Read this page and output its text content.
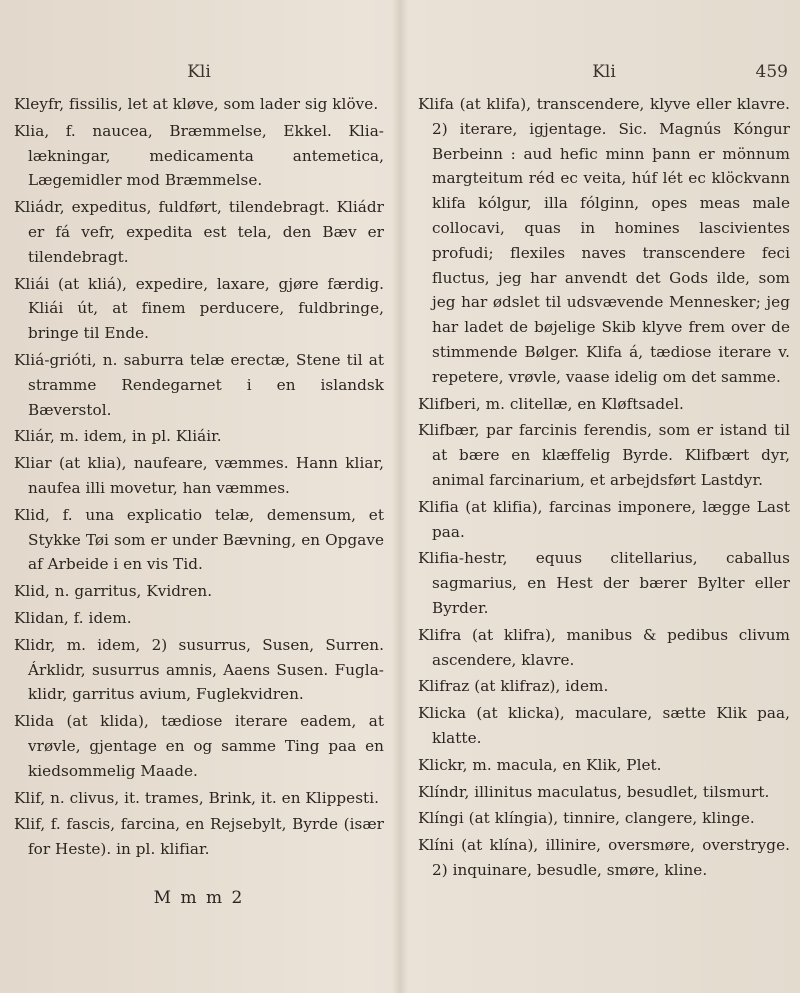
Kli

Kleyfr, fissilis, let at kløve, som lader sig klöve.

Klia, f. naucea, Bræmmelse, Ekkel. Klia-lækningar, medicamenta antemetica, Lægemidler mod Bræmmelse.

Kliádr, expeditus, fuldført, tilendebragt. Kliádr er fá vefr, expedita est tela, den Bæv er tilendebragt.

Kliái (at kliá), expedire, laxare, gjøre færdig. Kliái út, at finem perducere, fuldbringe, bringe til Ende.

Kliá-grióti, n. saburra telæ erectæ, Stene til at stramme Rendegarnet i en islandsk Bæverstol.

Kliár, m. idem, in pl. Kliáir.

Kliar (at klia), naufeare, væmmes. Hann kliar, naufea illi movetur, han væmmes.

Klid, f. una explicatio telæ, demensum, et Stykke Tøi som er under Bævning, en Opgave af Arbeide i en vis Tid.

Klid, n. garritus, Kvidren.

Klidan, f. idem.

Klidr, m. idem, 2) susurrus, Susen, Surren. Árklidr, susurrus amnis, Aaens Susen. Fugla-klidr, garritus avium, Fuglekvidren.

Klida (at klida), tædiose iterare eadem, at vrøvle, gjentage en og samme Ting paa en kiedsommelig Maade.

Klif, n. clivus, it. trames, Brink, it. en Klippesti.

Klif, f. fascis, farcina, en Rejsebylt, Byrde (især for Heste). in pl. klifiar.

M m m 2
Kli	459

Klifa (at klifa), transcendere, klyve eller klavre. 2) iterare, igjentage. Sic. Magnús Kóngur Berbeinn : aud hefic minn þann er mönnum margteitum réd ec veita, húf lét ec klöckvann klifa kólgur, illa fólginn, opes meas male collocavi, quas in homines lascivientes profudi; flexiles naves transcendere feci fluctus, jeg har anvendt det Gods ilde, som jeg har ødslet til udsvævende Mennesker; jeg har ladet de bøjelige Skib klyve frem over de stimmende Bølger. Klifa á, tædiose iterare v. repetere, vrøvle, vaase idelig om det samme.

Klifberi, m. clitellæ, en Kløftsadel.

Klifbær, par farcinis ferendis, som er istand til at bære en klæffelig Byrde. Klifbært dyr, animal farcinarium, et arbejdsført Lastdyr.

Klifia (at klifia), farcinas imponere, lægge Last paa.

Klifia-hestr, equus clitellarius, caballus sagmarius, en Hest der bærer Bylter eller Byrder.

Klifra (at klifra), manibus & pedibus clivum ascendere, klavre.

Klifraz (at klifraz), idem.

Klicka (at klicka), maculare, sætte Klik paa, klatte.

Klickr, m. macula, en Klik, Plet.

Klíndr, illinitus maculatus, besudlet, tilsmurt.

Klíngi (at klíngia), tinnire, clangere, klinge.

Klíni (at klína), illinire, oversmøre, overstryge. 2) inquinare, besudle, smøre, kline.
